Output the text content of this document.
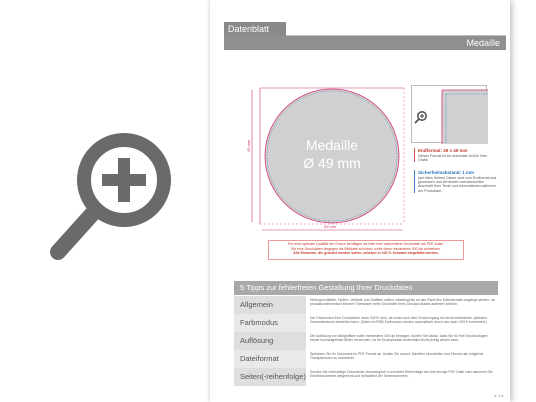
Datenblatt
Medaille
49 mm
49 mm
Medaille
Ø 49 mm
Endformat: 49 x 49 mm
Dieses Format ist für maximale Größe Ihrer Grafik.
Sicherheitsabstand: 1 mm
(auf allen Seiten) Dieser wird vom Endformat aus gemessen und verhindert unerwünschten Anschnitt Ihrer Texte und Informationen während der Produktion.
Für eine optimale Qualität der Gravur benötigen wir bitte eine vektorisierte Druckdatei als PDF-Datei.
Sie eine Druckdaten hingegen als Bilddatei schicken, sollte diese mindestens 300 dpi aufweisen.
Alle Elemente, die graviert werden sollen, müssen in 100 % Schwarz eingefärbt werden.
5 Tipps zur fehlerfreien Gestaltung Ihrer Druckdaten
Allgemein	Hintergrundbilder, Farben, Verläufe und Grafiken sollten unbedingt bis an den Rand des Datenformats angelegt werden, da produktionstechnisch kleinere Toleranzen beim Schneiden Ihres Druckproduktes auftreten können.
Farbmodus	Der Farbmodus Ihrer Druckdaten muss CMYK sein, da sonst nach dem Druckvorgang ein leicht veränderter, optischer Gesamteindruck entstehen kann. (Daten im RGB-Farbmodus werden automatisch durch uns nach CMYK konvertiert.)
Auflösung	Die Auflösung von Bildgrafiken sollte mindestens 300 dpi betragen. Achten Sie darauf, dass Sie für Ihre Druckvorlagen immer hochaufgelöste Bilder verwenden, da Ihr Druckprodukt andernfalls leicht pixelig wirken kann.
Dateiformat	Speichern Sie Ihr Dokument im PDF Format ab. Achten Sie darauf, Schriften einzubetten und Ebenen als möglichst Transparenzen zu reduzieren.
Seiten(-reihenfolge) Senden Sie mehrseitige Dokumente chronologisch in korrekter Reihenfolge als eine einzige PDF-Datei oder sammeln Sie Einzeldokumente zeitgerecht und fortlaufend der Seitennummern.
s. 1/1
